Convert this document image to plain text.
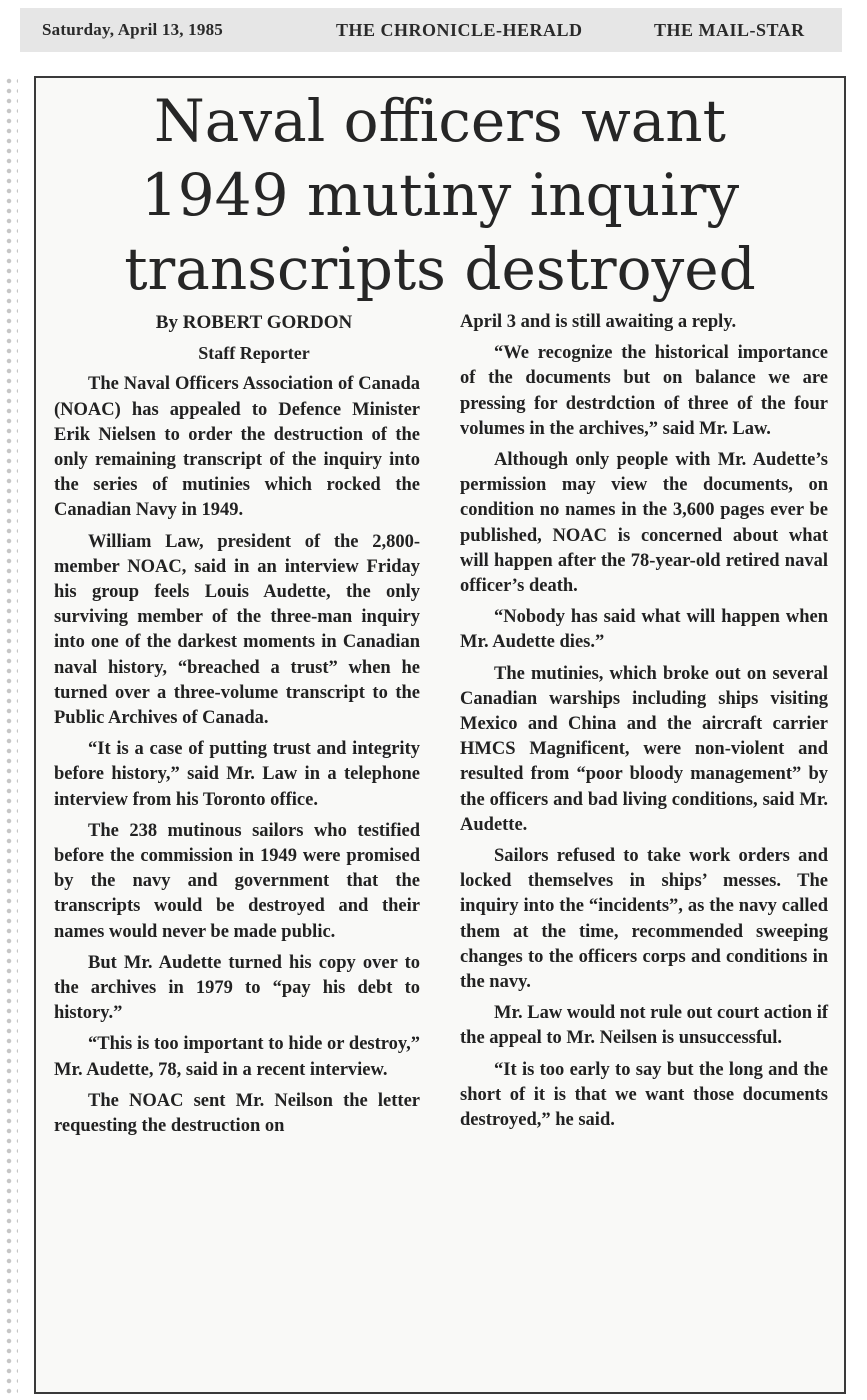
Saturday, April 13, 1985	THE CHRONICLE-HERALD	THE MAIL-STAR
Naval officers want
1949 mutiny inquiry
transcripts destroyed

By ROBERT GORDON

Staff Reporter

The Naval Officers Association of Canada (NOAC) has appealed to Defence Minister Erik Nielsen to order the destruction of the only remaining transcript of the inquiry into the series of mutinies which rocked the Canadian Navy in 1949.

William Law, president of the 2,800-member NOAC, said in an interview Friday his group feels Louis Audette, the only surviving member of the three-man inquiry into one of the darkest moments in Canadian naval history, “breached a trust” when he turned over a three-volume transcript to the Public Archives of Canada.

“It is a case of putting trust and integrity before history,” said Mr. Law in a telephone interview from his Toronto office.

The 238 mutinous sailors who testified before the commission in 1949 were promised by the navy and government that the transcripts would be destroyed and their names would never be made public.

But Mr. Audette turned his copy over to the archives in 1979 to “pay his debt to history.”

“This is too important to hide or destroy,” Mr. Audette, 78, said in a recent interview.

The NOAC sent Mr. Neilson the letter requesting the destruction on

April 3 and is still awaiting a reply.

“We recognize the historical importance of the documents but on balance we are pressing for destrdction of three of the four volumes in the archives,” said Mr. Law.

Although only people with Mr. Audette’s permission may view the documents, on condition no names in the 3,600 pages ever be published, NOAC is concerned about what will happen after the 78-year-old retired naval officer’s death.

“Nobody has said what will happen when Mr. Audette dies.”

The mutinies, which broke out on several Canadian warships including ships visiting Mexico and China and the aircraft carrier HMCS Magnificent, were non-violent and resulted from “poor bloody management” by the officers and bad living conditions, said Mr. Audette.

Sailors refused to take work orders and locked themselves in ships’ messes. The inquiry into the “incidents”, as the navy called them at the time, recommended sweeping changes to the officers corps and conditions in the navy.

Mr. Law would not rule out court action if the appeal to Mr. Neilsen is unsuccessful.

“It is too early to say but the long and the short of it is that we want those documents destroyed,” he said.
